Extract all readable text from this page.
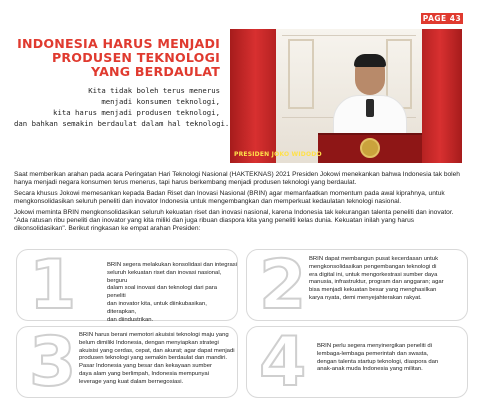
PAGE 43
INDONESIA HARUS MENJADI
PRODUSEN TEKNOLOGI
YANG BERDAULAT
Kita tidak boleh terus menerus
menjadi konsumen teknologi,
kita harus menjadi produsen teknologi,
dan bahkan semakin berdaulat dalam hal teknologi.
PRESIDEN JOKO WIDODO

Saat memberikan arahan pada acara Peringatan Hari Teknologi Nasional (HAKTEKNAS) 2021 Presiden Jokowi menekankan bahwa Indonesia tak boleh hanya menjadi negara konsumen terus menerus, tapi harus berkembang menjadi produsen teknologi yang berdaulat.

Secara khusus Jokowi memesankan kepada Badan Riset dan Inovasi Nasional (BRIN) agar memanfaatkan momentum pada awal kiprahnya, untuk mengkonsolidasikan seluruh peneliti dan inovator Indonesia untuk mengembangkan dan memperkuat kedaulatan teknologi nasional.

Jokowi meminta BRIN mengkonsolidasikan seluruh kekuatan riset dan inovasi nasional, karena Indonesia tak kekurangan talenta peneliti dan inovator. "Ada ratusan ribu peneliti dan inovator yang kita miliki dan juga ribuan diaspora kita yang peneliti kelas dunia. Kekuatan inilah yang harus dikonsolidasikan". Berikut ringkasan ke empat arahan Presiden:

1	BRIN segera melakukan konsolidasi dan integrasi
seluruh kekuatan riset dan inovasi nasional, berguru
dalam soal inovasi dan teknologi dari para peneliti
dan inovator kita, untuk diinkubasikan, diterapkan,
dan diindustrikan.	2 BRIN dapat membangun pusat kecerdasan untuk
mengkonsolidasikan pengembangan teknologi di
era digital ini, untuk mengorkestrasi sumber daya
manusia, infrastruktur, program dan anggaran; agar
bisa menjadi kekuatan besar yang menghasilkan
karya nyata, demi menyejahterakan rakyat.
3 BRIN harus berani memotori akuisisi teknologi maju yang
belum dimiliki Indonesia, dengan menyiapkan strategi
akuisisi yang cerdas, cepat, dan akurat; agar dapat menjadi
produsen teknologi yang semakin berdaulat dan mandiri.
Pasar Indonesia yang besar dan kekayaan sumber
daya alam yang berlimpah, Indonesia mempunyai
leverage yang kuat dalam bernegosiasi.	4 BRIN perlu segera menyinergikan peneliti di
lembaga-lembaga pemerintah dan swasta,
dengan talenta startup teknologi, diaspora dan
anak-anak muda Indonesia yang militan.
